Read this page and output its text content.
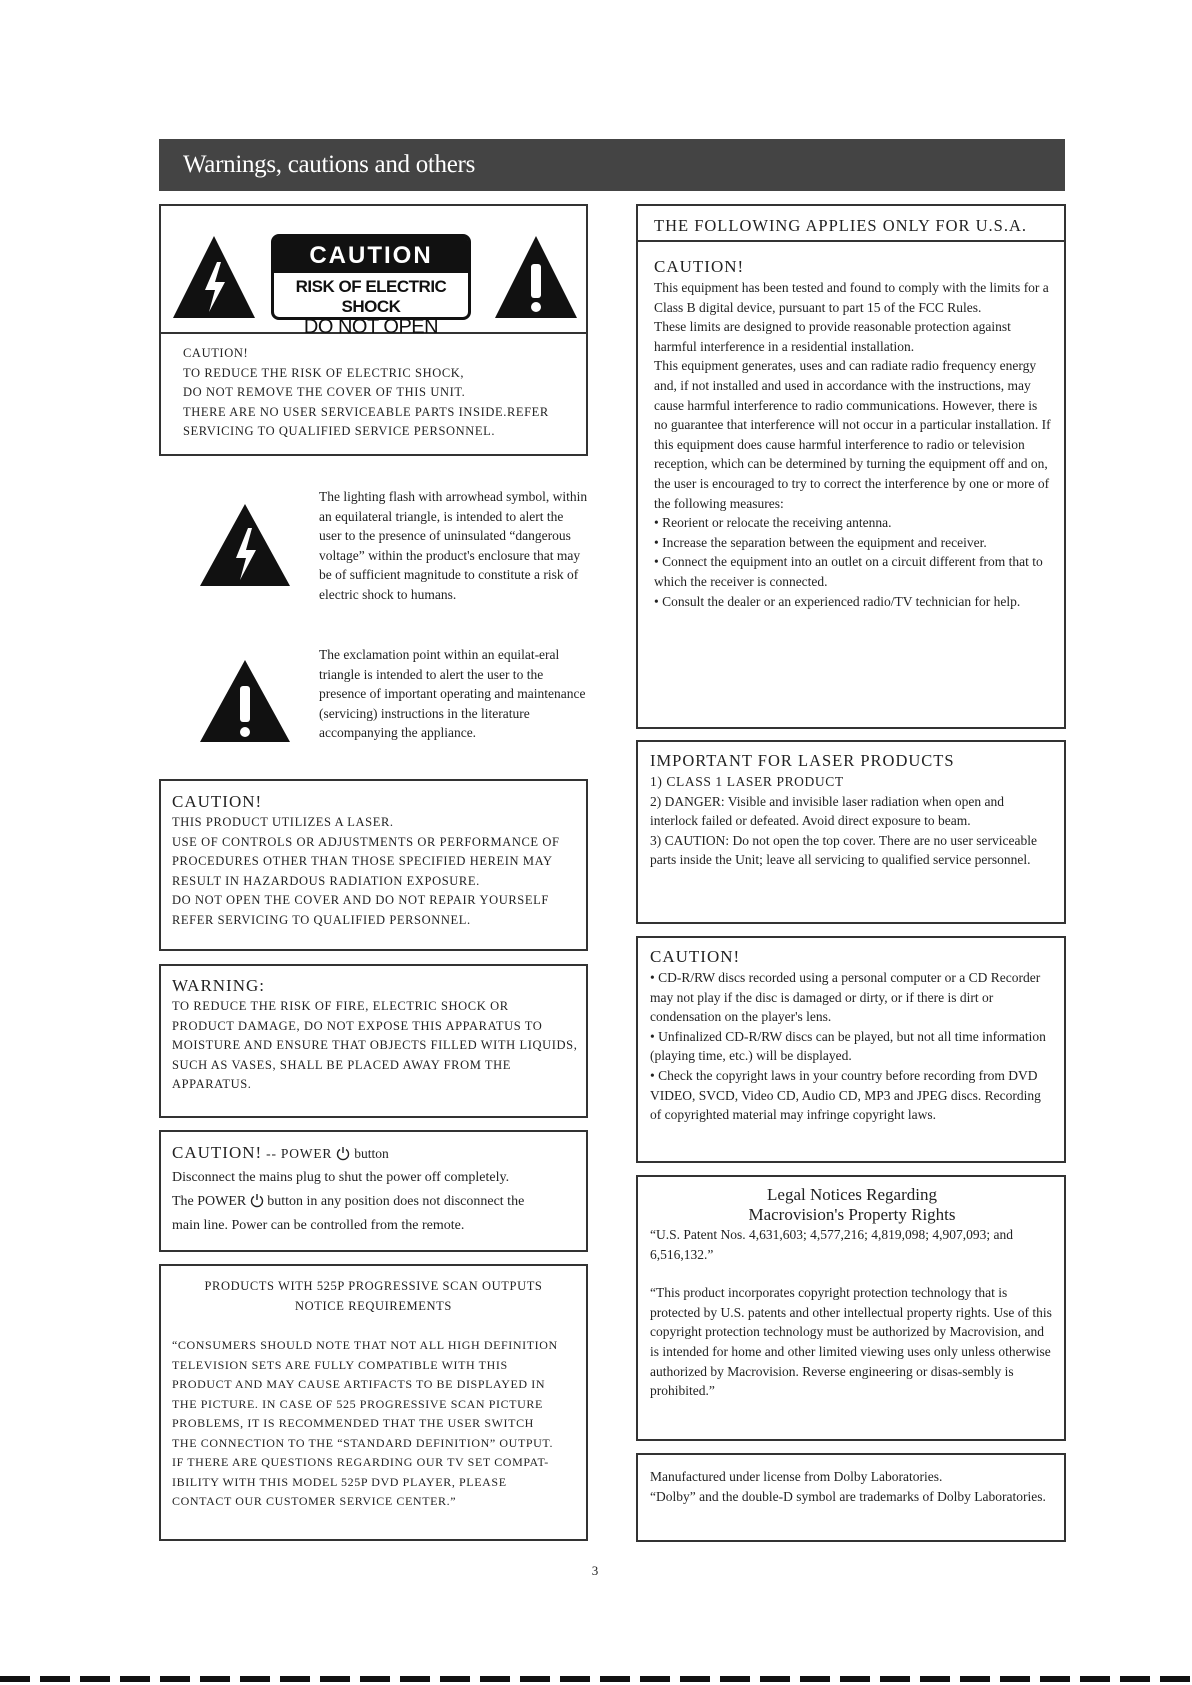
Warnings, cautions and others
CAUTION
RISK OF ELECTRIC SHOCK
DO NOT OPEN
CAUTION!
TO REDUCE THE RISK OF ELECTRIC SHOCK,
DO NOT REMOVE THE COVER OF THIS UNIT.
THERE ARE NO USER SERVICEABLE PARTS INSIDE.REFER
SERVICING TO QUALIFIED SERVICE PERSONNEL.
The lighting flash with arrowhead symbol, within an equilateral triangle, is intended to alert the user to the presence of uninsulated “dangerous voltage” within the product's enclosure that may be of sufficient magnitude to constitute a risk of electric shock to humans.
The exclamation point within an equilat-eral triangle is intended to alert the user to the presence of important operating and maintenance (servicing) instructions in the literature accompanying the appliance.
CAUTION!
THIS PRODUCT UTILIZES A LASER.
USE OF CONTROLS OR ADJUSTMENTS OR PERFORMANCE OF
PROCEDURES OTHER THAN THOSE SPECIFIED HEREIN MAY
RESULT IN HAZARDOUS RADIATION EXPOSURE.
DO NOT OPEN THE COVER AND DO NOT REPAIR YOURSELF
REFER SERVICING TO QUALIFIED PERSONNEL.
WARNING:
TO REDUCE THE RISK OF FIRE, ELECTRIC SHOCK OR
PRODUCT DAMAGE, DO NOT EXPOSE THIS APPARATUS TO
MOISTURE AND ENSURE THAT OBJECTS FILLED WITH LIQUIDS,
SUCH AS VASES, SHALL BE PLACED AWAY FROM THE
APPARATUS.
CAUTION! -- POWER button
Disconnect the mains plug to shut the power off completely.
The POWER button in any position does not disconnect the
main line. Power can be controlled from the remote.
PRODUCTS WITH 525P PROGRESSIVE SCAN OUTPUTS
NOTICE REQUIREMENTS
“CONSUMERS SHOULD NOTE THAT NOT ALL HIGH DEFINITION
TELEVISION SETS ARE FULLY COMPATIBLE WITH THIS
PRODUCT AND MAY CAUSE ARTIFACTS TO BE DISPLAYED IN
THE PICTURE. IN CASE OF 525 PROGRESSIVE SCAN PICTURE
PROBLEMS, IT IS RECOMMENDED THAT THE USER SWITCH
THE CONNECTION TO THE “STANDARD DEFINITION” OUTPUT.
IF THERE ARE QUESTIONS REGARDING OUR TV SET COMPAT-
IBILITY WITH THIS MODEL 525P DVD PLAYER, PLEASE
CONTACT OUR CUSTOMER SERVICE CENTER.”
THE FOLLOWING APPLIES ONLY FOR U.S.A.
CAUTION!

This equipment has been tested and found to comply with the limits for a Class B digital device, pursuant to part 15 of the FCC Rules.

These limits are designed to provide reasonable protection against harmful interference in a residential installation.

This equipment generates, uses and can radiate radio frequency energy and, if not installed and used in accordance with the instructions, may cause harmful interference to radio communications. However, there is no guarantee that interference will not occur in a particular installation. If this equipment does cause harmful interference to radio or television reception, which can be determined by turning the equipment off and on, the user is encouraged to try to correct the interference by one or more of the following measures:

• Reorient or relocate the receiving antenna.
• Increase the separation between the equipment and receiver.
• Connect the equipment into an outlet on a circuit different from that to which the receiver is connected.
• Consult the dealer or an experienced radio/TV technician for help.
IMPORTANT FOR LASER PRODUCTS
1) CLASS 1 LASER PRODUCT
2) DANGER: Visible and invisible laser radiation when open and interlock failed or defeated. Avoid direct exposure to beam.
3) CAUTION: Do not open the top cover. There are no user serviceable parts inside the Unit; leave all servicing to qualified service personnel.
CAUTION!
• CD-R/RW discs recorded using a personal computer or a CD Recorder may not play if the disc is damaged or dirty, or if there is dirt or condensation on the player's lens.
• Unfinalized CD-R/RW discs can be played, but not all time information (playing time, etc.) will be displayed.
• Check the copyright laws in your country before recording from DVD VIDEO, SVCD, Video CD, Audio CD, MP3 and JPEG discs. Recording of copyrighted material may infringe copyright laws.
Legal Notices Regarding
Macrovision's Property Rights

“U.S. Patent Nos. 4,631,603; 4,577,216; 4,819,098; 4,907,093; and 6,516,132.”

“This product incorporates copyright protection technology that is protected by U.S. patents and other intellectual property rights. Use of this copyright protection technology must be authorized by Macrovision, and is intended for home and other limited viewing uses only unless otherwise authorized by Macrovision. Reverse engineering or disas-sembly is prohibited.”

Manufactured under license from Dolby Laboratories.
“Dolby” and the double-D symbol are trademarks of Dolby Laboratories.
3
